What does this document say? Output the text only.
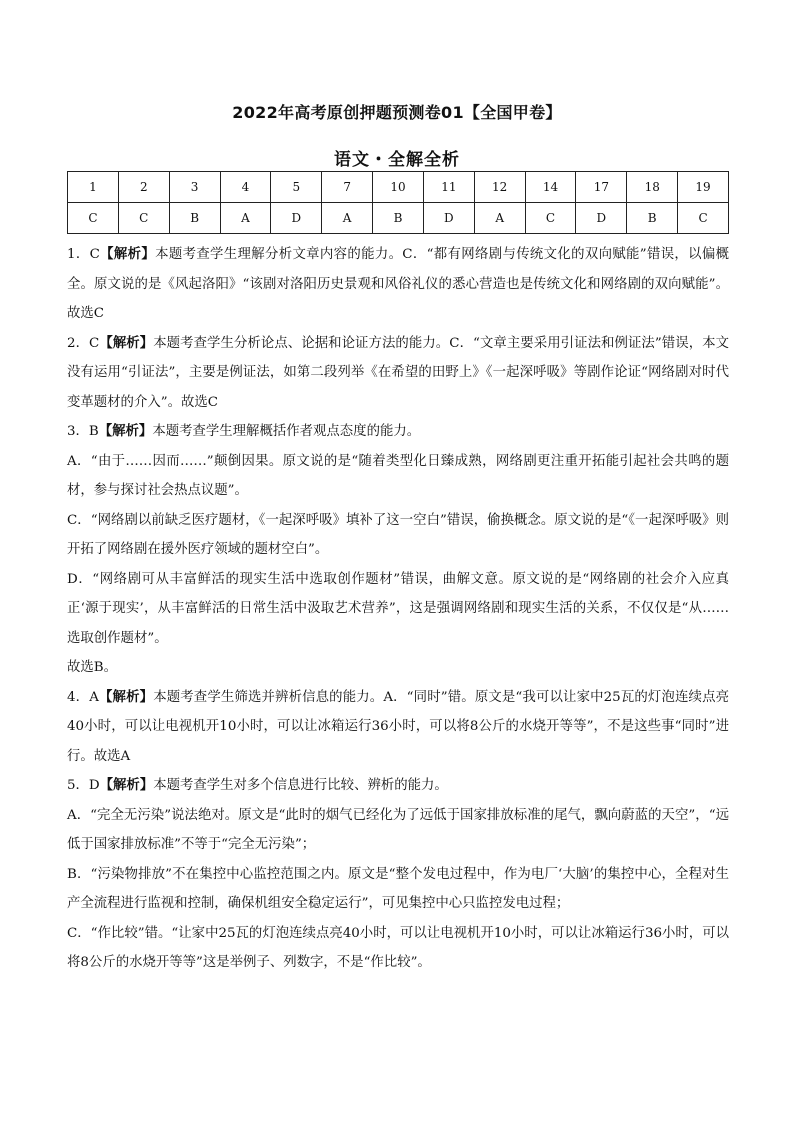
2022年高考原创押题预测卷01【全国甲卷】
语文・全解全析
1	2	3	4	5	7	10	11	12	14	17	18	19
C	C	B	A	D	A	B	D	A	C	D	B	C

1．C【解析】本题考查学生理解分析文章内容的能力。C．“都有网络剧与传统文化的双向赋能”错误，以偏概全。原文说的是《风起洛阳》“该剧对洛阳历史景观和风俗礼仪的悉心营造也是传统文化和网络剧的双向赋能”。故选C

2．C【解析】本题考查学生分析论点、论据和论证方法的能力。C．“文章主要采用引证法和例证法”错误，本文没有运用“引证法”，主要是例证法，如第二段列举《在希望的田野上》《一起深呼吸》等剧作论证“网络剧对时代变革题材的介入”。故选C

3．B【解析】本题考查学生理解概括作者观点态度的能力。

A．“由于……因而……”颠倒因果。原文说的是“随着类型化日臻成熟，网络剧更注重开拓能引起社会共鸣的题材，参与探讨社会热点议题”。

C．“网络剧以前缺乏医疗题材，《一起深呼吸》填补了这一空白”错误，偷换概念。原文说的是“《一起深呼吸》则开拓了网络剧在援外医疗领域的题材空白”。

D．“网络剧可从丰富鲜活的现实生活中选取创作题材”错误，曲解文意。原文说的是“网络剧的社会介入应真正‘源于现实’，从丰富鲜活的日常生活中汲取艺术营养”，这是强调网络剧和现实生活的关系，不仅仅是“从……选取创作题材”。

故选B。

4．A【解析】本题考查学生筛选并辨析信息的能力。A．“同时”错。原文是“我可以让家中25瓦的灯泡连续点亮40小时，可以让电视机开10小时，可以让冰箱运行36小时，可以将8公斤的水烧开等等”，不是这些事“同时”进行。故选A

5．D【解析】本题考查学生对多个信息进行比较、辨析的能力。

A．“完全无污染”说法绝对。原文是“此时的烟气已经化为了远低于国家排放标准的尾气，飘向蔚蓝的天空”，“远低于国家排放标准”不等于“完全无污染”；

B．“污染物排放”不在集控中心监控范围之内。原文是“整个发电过程中，作为电厂‘大脑’的集控中心，全程对生产全流程进行监视和控制，确保机组安全稳定运行”，可见集控中心只监控发电过程；

C．“作比较”错。“让家中25瓦的灯泡连续点亮40小时，可以让电视机开10小时，可以让冰箱运行36小时，可以将8公斤的水烧开等等”这是举例子、列数字，不是“作比较”。
